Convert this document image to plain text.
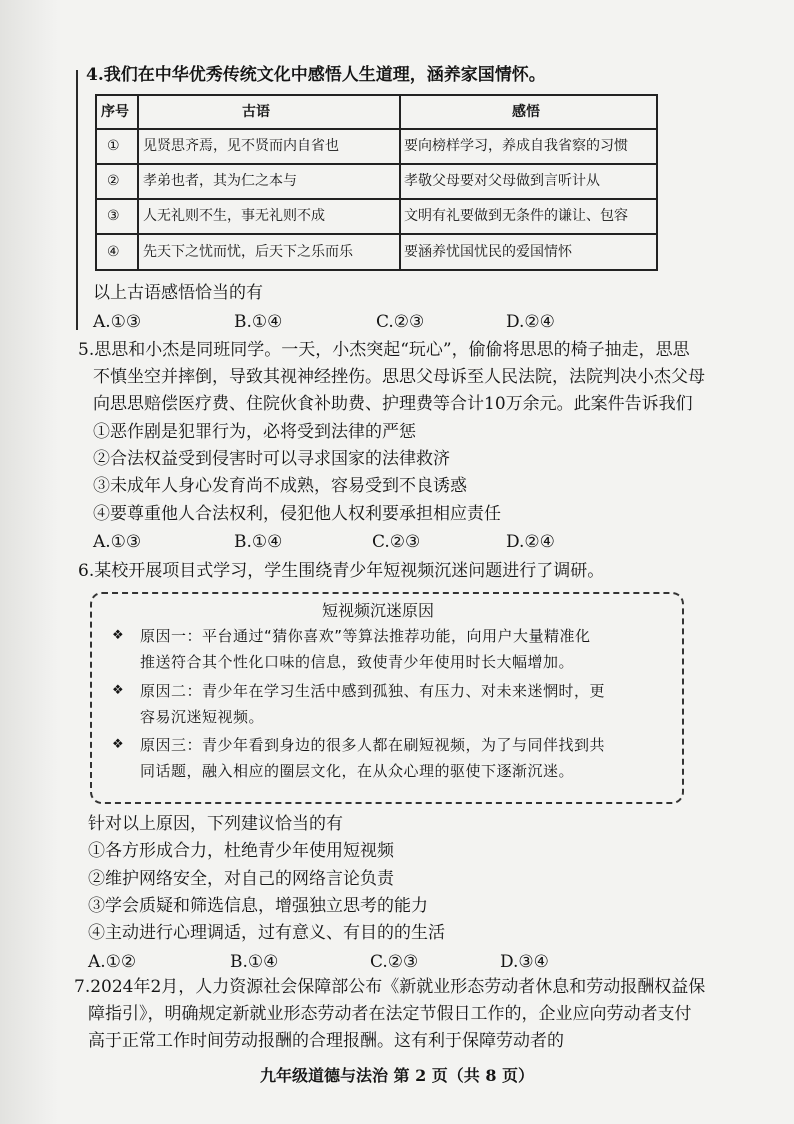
4.我们在中华优秀传统文化中感悟人生道理，涵养家国情怀。
序号	古语	感悟
① 见贤思齐焉，见不贤而内自省也	要向榜样学习，养成自我省察的习惯
② 孝弟也者，其为仁之本与	孝敬父母要对父母做到言听计从
③ 人无礼则不生，事无礼则不成	文明有礼要做到无条件的谦让、包容
④ 先天下之忧而忧，后天下之乐而乐	要涵养忧国忧民的爱国情怀
以上古语感悟恰当的有
A.①③	B.①④	C.②③	D.②④
5.思思和小杰是同班同学。一天，小杰突起“玩心”，偷偷将思思的椅子抽走，思思
不慎坐空并摔倒，导致其视神经挫伤。思思父母诉至人民法院，法院判决小杰父母
向思思赔偿医疗费、住院伙食补助费、护理费等合计10万余元。此案件告诉我们
①恶作剧是犯罪行为，必将受到法律的严惩
②合法权益受到侵害时可以寻求国家的法律救济
③未成年人身心发育尚不成熟，容易受到不良诱惑
④要尊重他人合法权利，侵犯他人权利要承担相应责任
A.①③	B.①④	C.②③	D.②④
6.某校开展项目式学习，学生围绕青少年短视频沉迷问题进行了调研。
短视频沉迷原因
❖ 原因一：平台通过“猜你喜欢”等算法推荐功能，向用户大量精准化
推送符合其个性化口味的信息，致使青少年使用时长大幅增加。
❖ 原因二：青少年在学习生活中感到孤独、有压力、对未来迷惘时，更
容易沉迷短视频。
❖ 原因三：青少年看到身边的很多人都在刷短视频，为了与同伴找到共
同话题，融入相应的圈层文化，在从众心理的驱使下逐渐沉迷。
针对以上原因，下列建议恰当的有
①各方形成合力，杜绝青少年使用短视频
②维护网络安全，对自己的网络言论负责
③学会质疑和筛选信息，增强独立思考的能力
④主动进行心理调适，过有意义、有目的的生活
A.①②	B.①④	C.②③	D.③④
7.2024年2月，人力资源社会保障部公布《新就业形态劳动者休息和劳动报酬权益保
障指引》，明确规定新就业形态劳动者在法定节假日工作的，企业应向劳动者支付
高于正常工作时间劳动报酬的合理报酬。这有利于保障劳动者的
九年级道德与法治 第 2 页（共 8 页）
